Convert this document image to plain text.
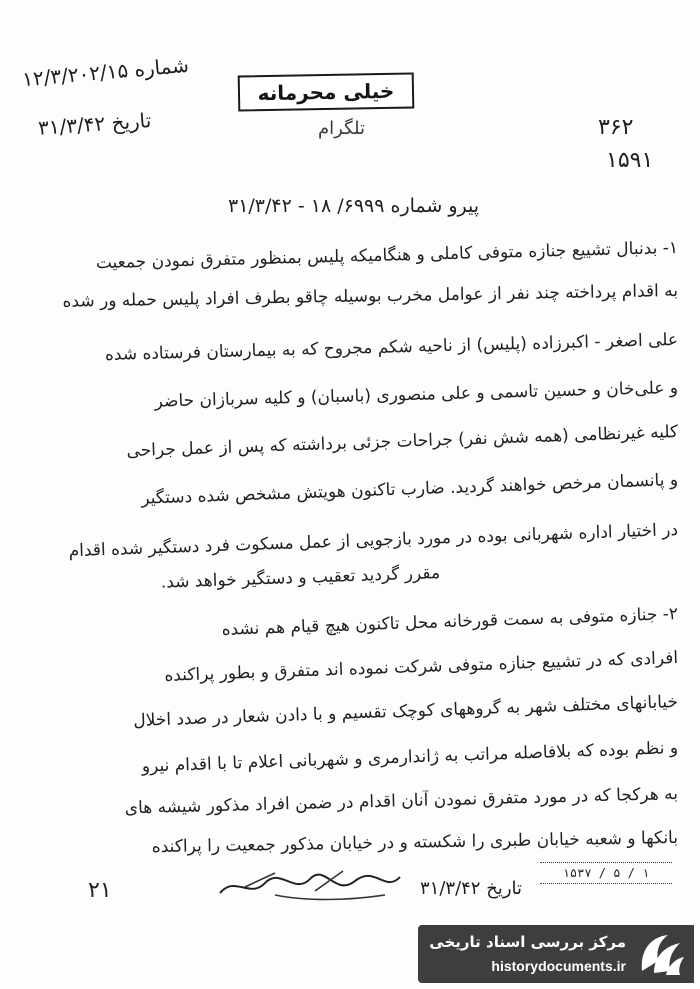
شماره ۱۲/۳/۲۰۲/۱۵
تاریخ ۳۱/۳/۴۲
خیلی محرمانه
تلگرام	۳۶۲
۱۵۹۱
پیرو شماره ۶۹۹۹/ ۱۸ - ۳۱/۳/۴۲
۱- بدنبال تشییع جنازه متوفی کاملی و هنگامیکه پلیس بمنظور متفرق نمودن جمعیت
به اقدام پرداخته چند نفر از عوامل مخرب بوسیله چاقو بطرف افراد پلیس حمله ور شده
علی اصغر - اکبرزاده (پلیس) از ناحیه شکم مجروح که به بیمارستان فرستاده شده
و علی‌خان و حسین تاسمی و علی منصوری (باسبان) و کلیه سربازان حاضر
کلیه غیرنظامی (همه شش نفر) جراحات جزئی برداشته که پس از عمل جراحی
و پانسمان مرخص خواهند گردید. ضارب تاکنون هویتش مشخص شده دستگیر
در اختیار اداره شهربانی بوده در مورد بازجویی از عمل مسکوت فرد دستگیر شده اقدام
مقرر گردید تعقیب و دستگیر خواهد شد.
۲- جنازه متوفی به سمت قورخانه محل تاکنون هیچ قیام هم نشده
افرادی که در تشییع جنازه متوفی شرکت نموده اند متفرق و بطور پراکنده
خیابانهای مختلف شهر به گروههای کوچک تقسیم و با دادن شعار در صدد اخلال
و نظم بوده که بلافاصله مراتب به ژاندارمری و شهربانی اعلام تا با اقدام نیرو
به هرکجا که در مورد متفرق نمودن آنان اقدام در ضمن افراد مذکور شیشه های
بانکها و شعبه خیابان طبری را شکسته و در خیابان مذکور جمعیت را پراکنده
۲۱
۱۵۳۷ / ۵ / ۱
تاریخ ۳۱/۳/۴۲
مرکز بررسی اسناد تاریخی
historydocuments.ir
